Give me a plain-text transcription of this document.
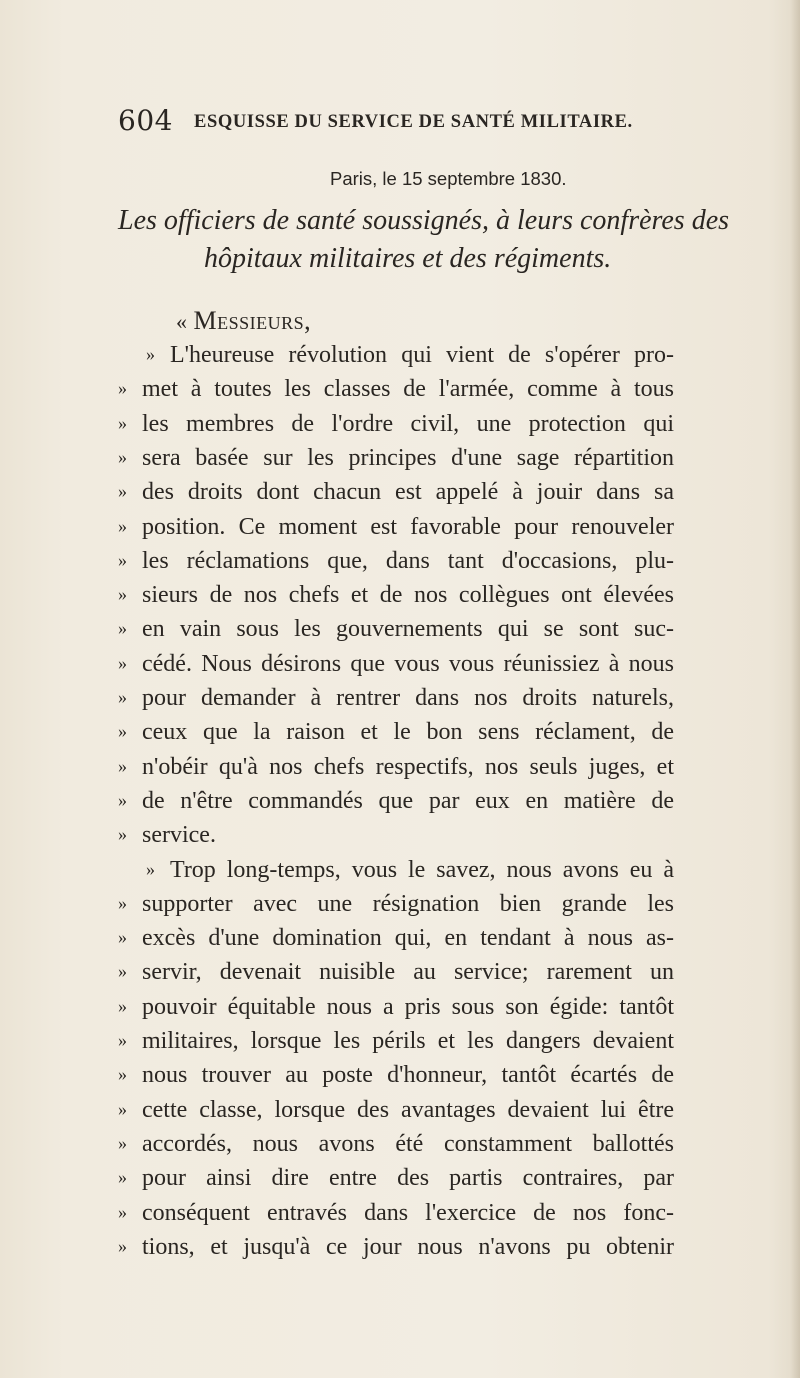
604 ESQUISSE DU SERVICE DE SANTÉ MILITAIRE.
Paris, le 15 septembre 1830.
Les officiers de santé soussignés, à leurs confrères des
hôpitaux militaires et des régiments.
« Messieurs,
» L'heureuse révolution qui vient de s'opérer pro-
» met à toutes les classes de l'armée, comme à tous
» les membres de l'ordre civil, une protection qui
» sera basée sur les principes d'une sage répartition
» des droits dont chacun est appelé à jouir dans sa
» position. Ce moment est favorable pour renouveler
» les réclamations que, dans tant d'occasions, plu-
» sieurs de nos chefs et de nos collègues ont élevées
» en vain sous les gouvernements qui se sont suc-
» cédé. Nous désirons que vous vous réunissiez à nous
» pour demander à rentrer dans nos droits naturels,
» ceux que la raison et le bon sens réclament, de
» n'obéir qu'à nos chefs respectifs, nos seuls juges, et
» de n'être commandés que par eux en matière de
» service.
» Trop long-temps, vous le savez, nous avons eu à
» supporter avec une résignation bien grande les
» excès d'une domination qui, en tendant à nous as-
» servir, devenait nuisible au service; rarement un
» pouvoir équitable nous a pris sous son égide: tantôt
» militaires, lorsque les périls et les dangers devaient
» nous trouver au poste d'honneur, tantôt écartés de
» cette classe, lorsque des avantages devaient lui être
» accordés, nous avons été constamment ballottés
» pour ainsi dire entre des partis contraires, par
» conséquent entravés dans l'exercice de nos fonc-
» tions, et jusqu'à ce jour nous n'avons pu obtenir
